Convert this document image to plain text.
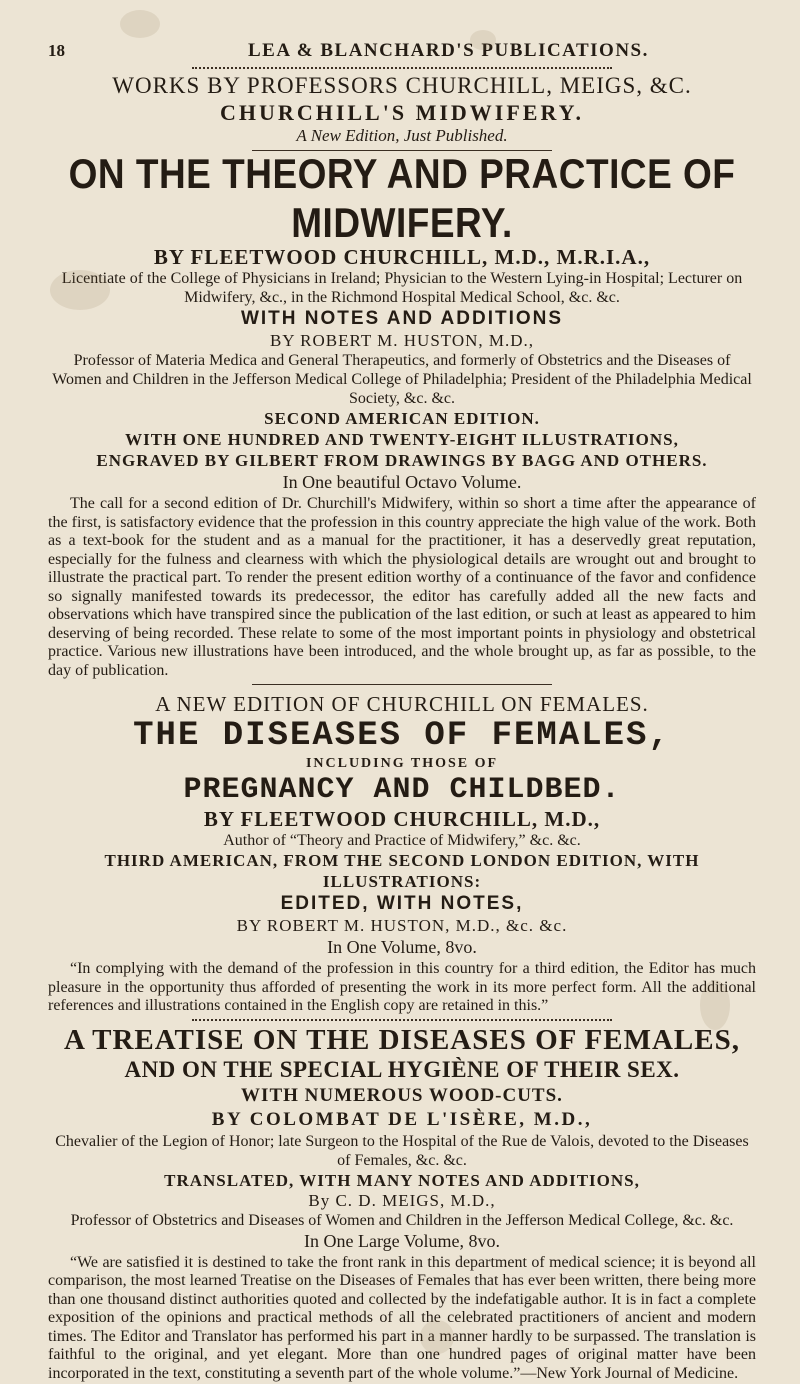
18	LEA & BLANCHARD'S PUBLICATIONS.
WORKS BY PROFESSORS CHURCHILL, MEIGS, &C.
CHURCHILL'S MIDWIFERY.
A New Edition, Just Published.
ON THE THEORY AND PRACTICE OF MIDWIFERY.
BY FLEETWOOD CHURCHILL, M.D., M.R.I.A.,
Licentiate of the College of Physicians in Ireland; Physician to the Western Lying-in Hospital; Lecturer on Midwifery, &c., in the Richmond Hospital Medical School, &c. &c.
WITH NOTES AND ADDITIONS
BY ROBERT M. HUSTON, M.D.,
Professor of Materia Medica and General Therapeutics, and formerly of Obstetrics and the Diseases of Women and Children in the Jefferson Medical College of Philadelphia; President of the Philadelphia Medical Society, &c. &c.
SECOND AMERICAN EDITION.
WITH ONE HUNDRED AND TWENTY-EIGHT ILLUSTRATIONS,
ENGRAVED BY GILBERT FROM DRAWINGS BY BAGG AND OTHERS.
In One beautiful Octavo Volume.

The call for a second edition of Dr. Churchill's Midwifery, within so short a time after the appearance of the first, is satisfactory evidence that the profession in this country appreciate the high value of the work. Both as a text-book for the student and as a manual for the practitioner, it has a deservedly great reputation, especially for the fulness and clearness with which the physiological details are wrought out and brought to illustrate the practical part. To render the present edition worthy of a continuance of the favor and confidence so signally manifested towards its predecessor, the editor has carefully added all the new facts and observations which have transpired since the publication of the last edition, or such at least as appeared to him deserving of being recorded. These relate to some of the most important points in physiology and obstetrical practice. Various new illustrations have been introduced, and the whole brought up, as far as possible, to the day of publication.

A NEW EDITION OF CHURCHILL ON FEMALES.
THE DISEASES OF FEMALES,
INCLUDING THOSE OF
PREGNANCY AND CHILDBED.
BY FLEETWOOD CHURCHILL, M.D.,
Author of “Theory and Practice of Midwifery,” &c. &c.
THIRD AMERICAN, FROM THE SECOND LONDON EDITION, WITH ILLUSTRATIONS:
EDITED, WITH NOTES,
BY ROBERT M. HUSTON, M.D., &c. &c.
In One Volume, 8vo.

“In complying with the demand of the profession in this country for a third edition, the Editor has much pleasure in the opportunity thus afforded of presenting the work in its more perfect form. All the additional references and illustrations contained in the English copy are retained in this.”

A TREATISE ON THE DISEASES OF FEMALES,
AND ON THE SPECIAL HYGIÈNE OF THEIR SEX.
WITH NUMEROUS WOOD-CUTS.
BY COLOMBAT DE L'ISÈRE, M.D.,
Chevalier of the Legion of Honor; late Surgeon to the Hospital of the Rue de Valois, devoted to the Diseases of Females, &c. &c.
TRANSLATED, WITH MANY NOTES AND ADDITIONS,
By C. D. MEIGS, M.D.,
Professor of Obstetrics and Diseases of Women and Children in the Jefferson Medical College, &c. &c.
In One Large Volume, 8vo.

“We are satisfied it is destined to take the front rank in this department of medical science; it is beyond all comparison, the most learned Treatise on the Diseases of Females that has ever been written, there being more than one thousand distinct authorities quoted and collected by the indefatigable author. It is in fact a complete exposition of the opinions and practical methods of all the celebrated practitioners of ancient and modern times. The Editor and Translator has performed his part in a manner hardly to be surpassed. The translation is faithful to the original, and yet elegant. More than one hundred pages of original matter have been incorporated in the text, constituting a seventh part of the whole volume.”—New York Journal of Medicine.
